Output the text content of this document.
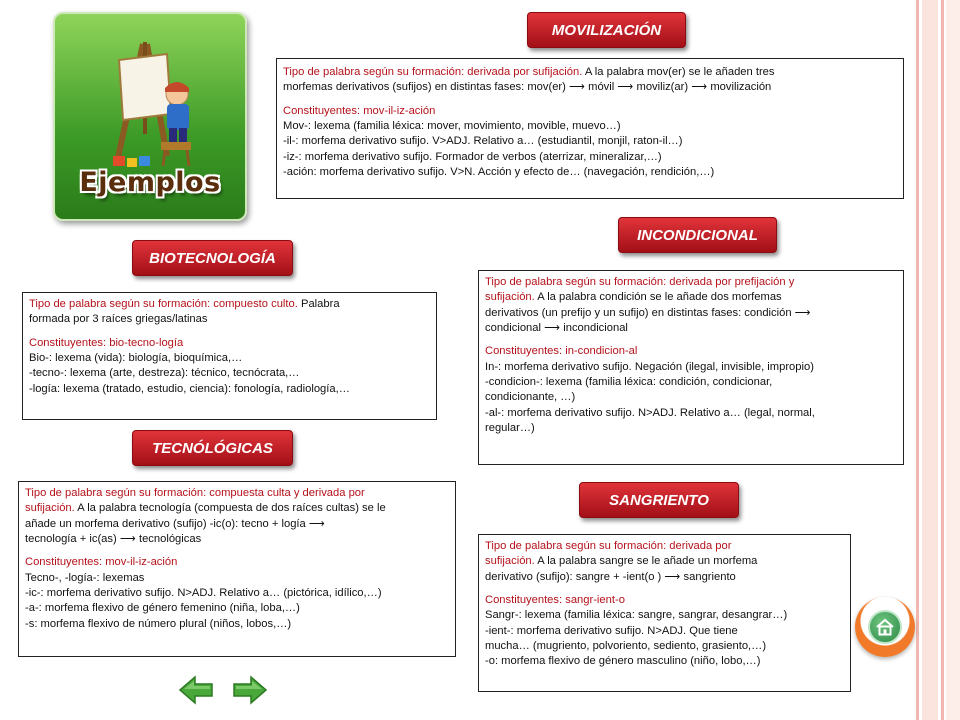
Ejemplos
MOVILIZACIÓN
INCONDICIONAL
BIOTECNOLOGÍA
TECNÓLÓGICAS
SANGRIENTO

Tipo de palabra según su formación: derivada por sufijación. A la palabra mov(er) se le añaden tres

morfemas derivativos (sufijos) en distintas fases: mov(er) ⟶ móvil ⟶ moviliz(ar) ⟶ movilización

Constituyentes: mov-il-iz-ación

Mov-: lexema (familia léxica: mover, movimiento, movible, muevo…)

-il-: morfema derivativo sufijo. V>ADJ. Relativo a… (estudiantil, monjil, raton-il…)

-iz-: morfema derivativo sufijo. Formador de verbos (aterrizar, mineralizar,…)

-ación: morfema derivativo sufijo. V>N. Acción y efecto de… (navegación, rendición,…)

Tipo de palabra según su formación: derivada por prefijación y

sufijación. A la palabra condición se le añade dos morfemas

derivativos (un prefijo y un sufijo) en distintas fases: condición ⟶

condicional ⟶ incondicional

Constituyentes: in-condicion-al

In-: morfema derivativo sufijo. Negación (ilegal, invisible, impropio)

-condicion-: lexema (familia léxica: condición, condicionar,

condicionante, …)

-al-: morfema derivativo sufijo. N>ADJ. Relativo a… (legal, normal,

regular…)

Tipo de palabra según su formación: compuesto culto. Palabra

formada por 3 raíces griegas/latinas

Constituyentes: bio-tecno-logía

Bio-: lexema (vida): biología, bioquímica,…

-tecno-: lexema (arte, destreza): técnico, tecnócrata,…

-logía: lexema (tratado, estudio, ciencia): fonología, radiología,…

Tipo de palabra según su formación: compuesta culta y derivada por

sufijación. A la palabra tecnología (compuesta de dos raíces cultas) se le

añade un morfema derivativo (sufijo) -ic(o): tecno + logía ⟶

tecnología + ic(as) ⟶ tecnológicas

Constituyentes: mov-il-iz-ación

Tecno-, -logía-: lexemas

-ic-: morfema derivativo sufijo. N>ADJ. Relativo a… (pictórica, idílico,…)

-a-: morfema flexivo de género femenino (niña, loba,…)

-s: morfema flexivo de número plural (niños, lobos,…)

Tipo de palabra según su formación: derivada por

sufijación. A la palabra sangre se le añade un morfema

derivativo (sufijo): sangre + -ient(o ) ⟶ sangriento

Constituyentes: sangr-ient-o

Sangr-: lexema (familia léxica: sangre, sangrar, desangrar…)

-ient-: morfema derivativo sufijo. N>ADJ. Que tiene

mucha… (mugriento, polvoriento, sediento, grasiento,…)

-o: morfema flexivo de género masculino (niño, lobo,…)
